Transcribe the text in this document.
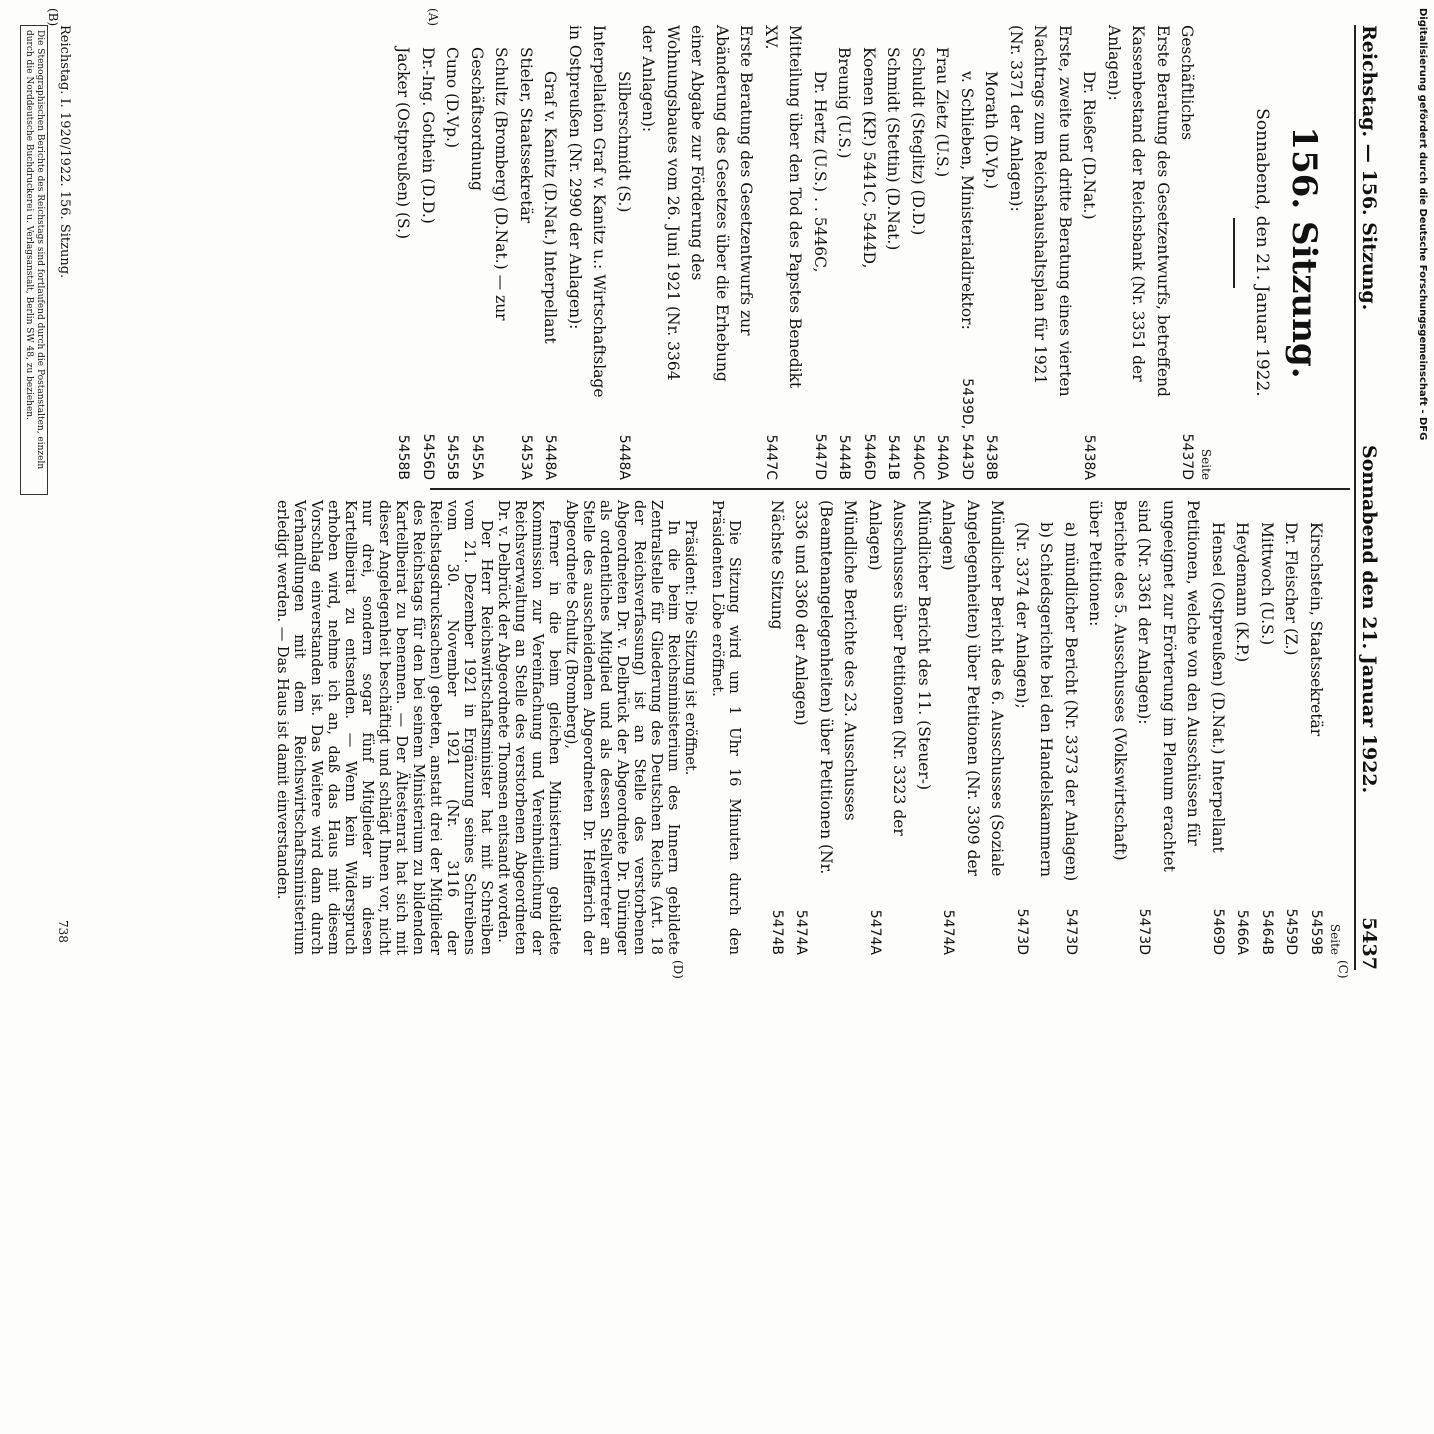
Reichstag. — 156. Sitzung.
Sonnabend den 21. Januar 1922.
5437
(A)
(C)
(D)
(B)
156. Sitzung.
Sonnabend, den 21. Januar 1922.
Seite
Geschäftliches
5437D
Erste Beratung des Gesetzentwurfs, betreffend Kassenbestand der Reichsbank (Nr. 3351 der Anlagen):
Dr. Rießer (D.Nat.)
5438A
Erste, zweite und dritte Beratung eines vierten Nachtrags zum Reichshaushaltsplan für 1921 (Nr. 3371 der Anlagen):
Morath (D.Vp.)
5438B
v. Schlieben, Ministerialdirektor:
5439D, 5443D
Frau Zietz (U.S.)
5440A
Schuldt (Steglitz) (D.D.)
5440C
Schmidt (Stettin) (D.Nat.)
5441B
Koenen (KP.) 5441C, 5444D,
5446D
Breunig (U.S.)
5444B
Dr. Hertz (U.S.) . . 5446C,
5447D
Mitteilung über den Tod des Papstes Benedikt XV.
5447C
Erste Beratung des Gesetzentwurfs zur Abänderung des Gesetzes über die Erhebung einer Abgabe zur Förderung des Wohnungsbaues vom 26. Juni 1921 (Nr. 3364 der Anlagen):
Silberschmidt (S.)
5448A
Interpellation Graf v. Kanitz u.: Wirtschaftslage in Ostpreußen (Nr. 2990 der Anlagen):
Graf v. Kanitz (D.Nat.) Interpellant
5448A
Stieler, Staatssekretär
5453A
Schultz (Bromberg) (D.Nat.) — zur Geschäftsordnung
5455A
Cuno (D.Vp.)
5455B
Dr.-Ing. Gothein (D.D.)
5456D
Jacker (Ostpreußen) (S.)
5458B
Seite
Kirschstein, Staatssekretär
5459B
Dr. Fleischer (Z.)
5459D
Mittwoch (U.S.)
5464B
Heydemann (K.P.)
5466A
Hensel (Ostpreußen) (D.Nat.) Interpellant
5469D
Petitionen, welche von den Ausschüssen für ungeeignet zur Erörterung im Plenum erachtet sind (Nr. 3361 der Anlagen):
5473D
Berichte des 5. Ausschusses (Volkswirtschaft) über Petitionen:
a) mündlicher Bericht (Nr. 3373 der Anlagen)
5473D
b) Schiedsgerichte bei den Handelskammern (Nr. 3374 der Anlagen);
5473D
Mündlicher Bericht des 6. Ausschusses (Soziale Angelegenheiten) über Petitionen (Nr. 3309 der Anlagen)
5474A
Mündlicher Bericht des 11. (Steuer-) Ausschusses über Petitionen (Nr. 3323 der Anlagen)
5474A
Mündliche Berichte des 23. Ausschusses (Beamtenangelegenheiten) über Petitionen (Nr. 3336 und 3360 der Anlagen)
5474A
Nächste Sitzung
5474B

Die Sitzung wird um 1 Uhr 16 Minuten durch den Präsidenten Löbe eröffnet.

Präsident: Die Sitzung ist eröffnet.

In die beim Reichsministerium des Innern gebildete Zentralstelle für Gliederung des Deutschen Reichs (Art. 18 der Reichsverfassung) ist an Stelle des verstorbenen Abgeordneten Dr. v. Delbrück der Abgeordnete Dr. Düringer als ordentliches Mitglied und als dessen Stellvertreter an Stelle des ausscheidenden Abgeordneten Dr. Helfferich der Abgeordnete Schultz (Bromberg),

ferner in die beim gleichen Ministerium gebildete Kommission zur Vereinfachung und Vereinheitlichung der Reichsverwaltung an Stelle des verstorbenen Abgeordneten Dr. v. Delbrück der Abgeordnete Thomsen entsandt worden.

Der Herr Reichswirtschaftsminister hat mit Schreiben vom 21. Dezember 1921 in Ergänzung seines Schreibens vom 30. November 1921 (Nr. 3116 der Reichstagsdrucksachen) gebeten, anstatt drei der Mitglieder des Reichstags für den bei seinem Ministerium zu bildenden Kartellbeirat zu benennen. — Der Ältestenrat hat sich mit dieser Angelegenheit beschäftigt und schlägt Ihnen vor, nicht nur drei, sondern sogar fünf Mitglieder in diesen Kartellbeirat zu entsenden. — Wenn kein Widerspruch erhoben wird, nehme ich an, daß das Haus mit diesem Vorschlag einverstanden ist. Das Weitere wird dann durch Verhandlungen mit dem Reichswirtschaftsministerium erledigt werden. — Das Haus ist damit einverstanden.

Reichstag. I. 1920/1922. 156. Sitzung.
Die Stenographischen Berichte des Reichstags sind fortlaufend durch die Postanstalten, einzeln durch die Norddeutsche Buchdruckerei u. Verlagsanstalt, Berlin SW 48, zu beziehen.
738
Digitalisierung gefördert durch die Deutsche Forschungsgemeinschaft - DFG
